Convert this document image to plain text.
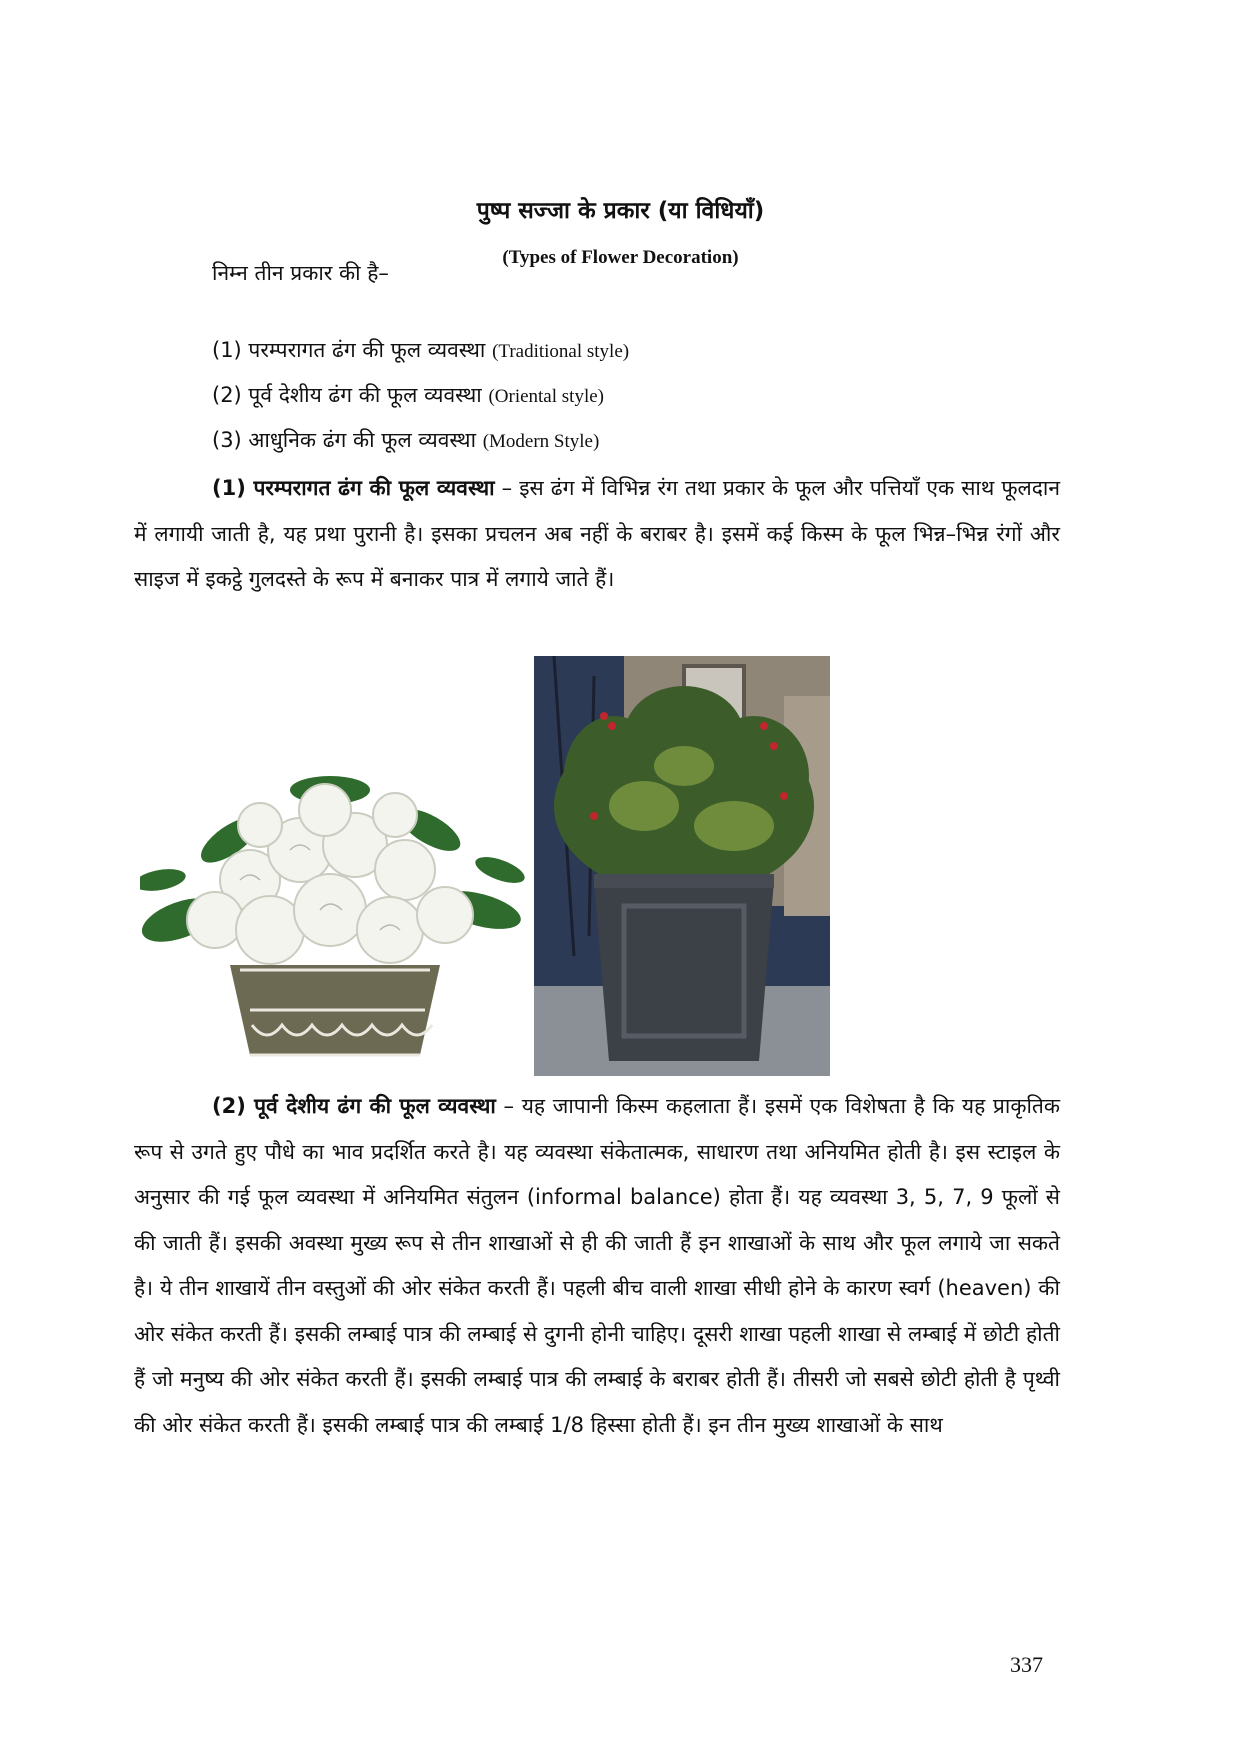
पुष्प सज्जा के प्रकार (या विधियाँ)
(Types of Flower Decoration)
निम्न तीन प्रकार की है–
(1) परम्परागत ढंग की फूल व्यवस्था (Traditional style)
(2) पूर्व देशीय ढंग की फूल व्यवस्था (Oriental style)
(3) आधुनिक ढंग की फूल व्यवस्था (Modern Style)
(1) परम्परागत ढंग की फूल व्यवस्था – इस ढंग में विभिन्न रंग तथा प्रकार के फूल और पत्तियाँ एक साथ फूलदान में लगायी जाती है, यह प्रथा पुरानी है। इसका प्रचलन अब नहीं के बराबर है। इसमें कई किस्म के फूल भिन्न–भिन्न रंगों और साइज में इकट्ठे गुलदस्ते के रूप में बनाकर पात्र में लगाये जाते हैं।
(2) पूर्व देशीय ढंग की फूल व्यवस्था – यह जापानी किस्म कहलाता हैं। इसमें एक विशेषता है कि यह प्राकृतिक रूप से उगते हुए पौधे का भाव प्रदर्शित करते है। यह व्यवस्था संकेतात्मक, साधारण तथा अनियमित होती है। इस स्टाइल के अनुसार की गई फूल व्यवस्था में अनियमित संतुलन (informal balance) होता हैं। यह व्यवस्था 3, 5, 7, 9 फूलों से की जाती हैं। इसकी अवस्था मुख्य रूप से तीन शाखाओं से ही की जाती हैं इन शाखाओं के साथ और फूल लगाये जा सकते है। ये तीन शाखायें तीन वस्तुओं की ओर संकेत करती हैं। पहली बीच वाली शाखा सीधी होने के कारण स्वर्ग (heaven) की ओर संकेत करती हैं। इसकी लम्बाई पात्र की लम्बाई से दुगनी होनी चाहिए। दूसरी शाखा पहली शाखा से लम्बाई में छोटी होती हैं जो मनुष्य की ओर संकेत करती हैं। इसकी लम्बाई पात्र की लम्बाई के बराबर होती हैं। तीसरी जो सबसे छोटी होती है पृथ्वी की ओर संकेत करती हैं। इसकी लम्बाई पात्र की लम्बाई 1/8 हिस्सा होती हैं। इन तीन मुख्य शाखाओं के साथ
337
